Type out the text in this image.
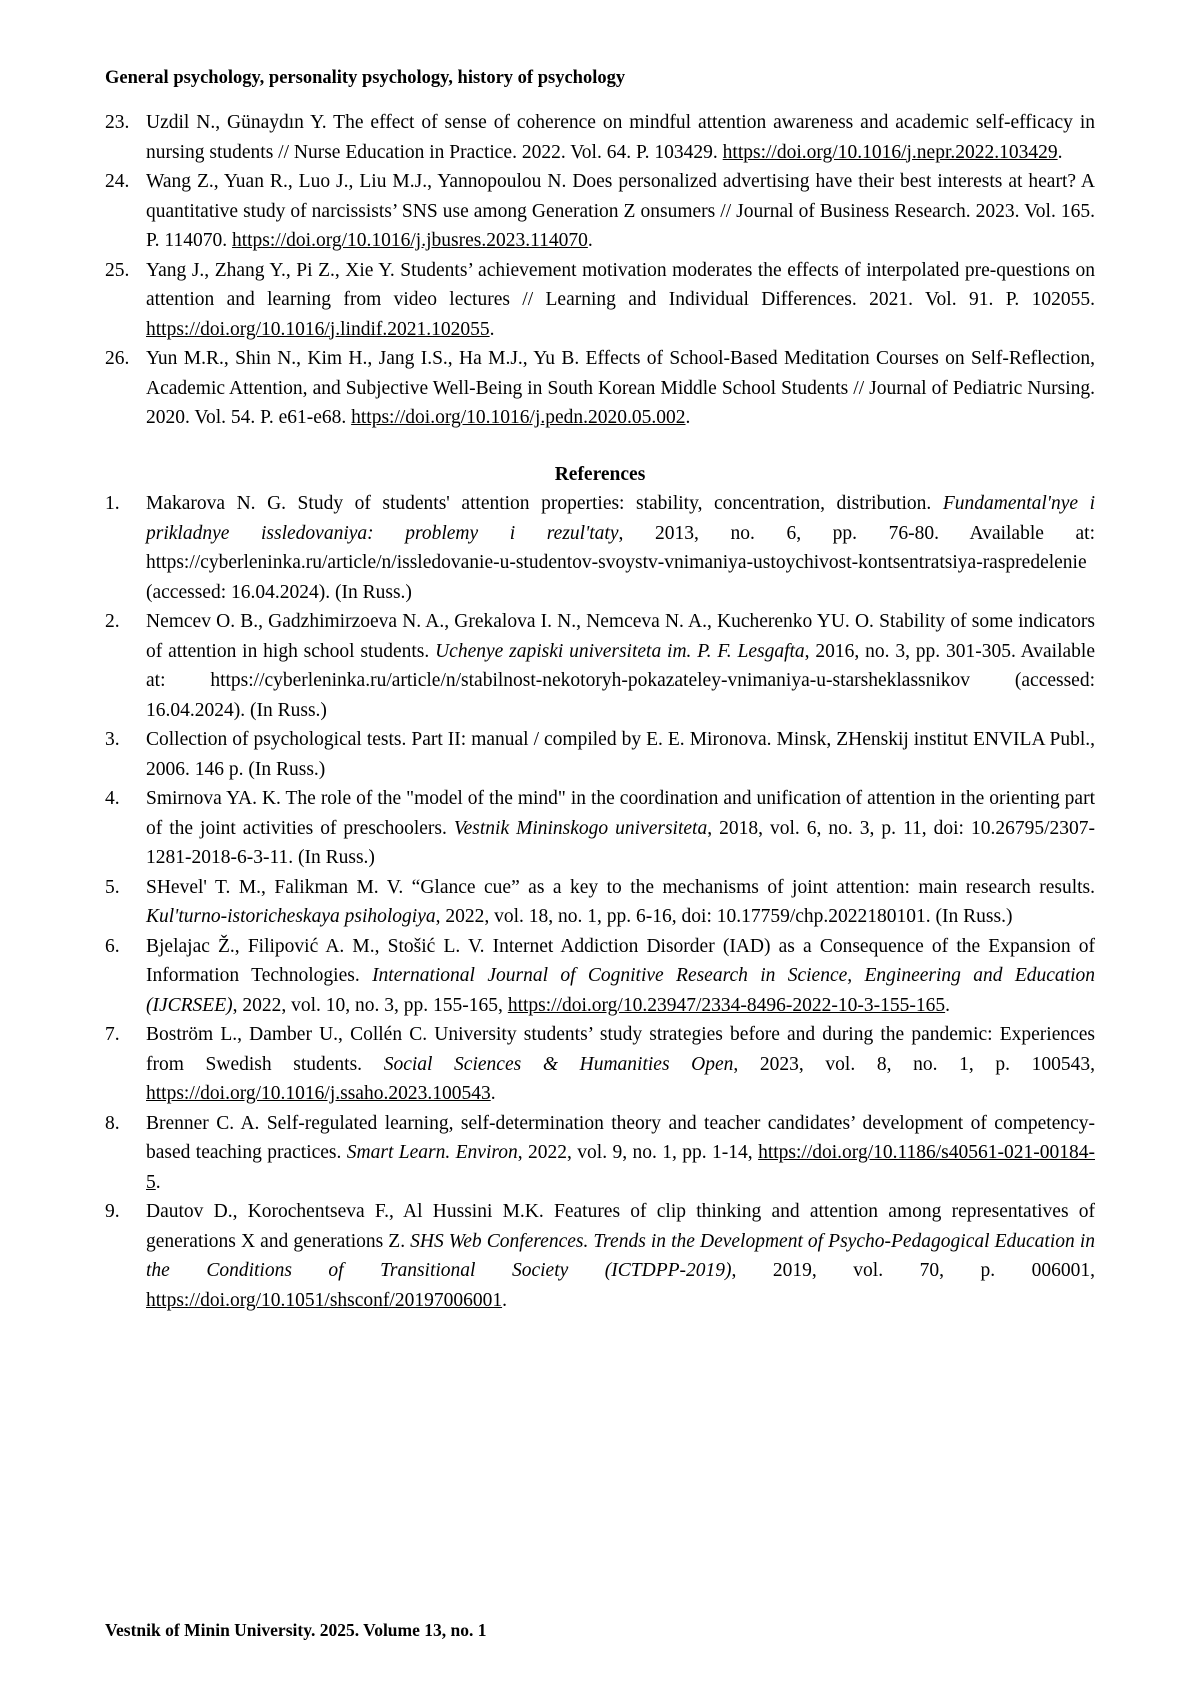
General psychology, personality psychology, history of psychology
23. Uzdil N., Günaydın Y. The effect of sense of coherence on mindful attention awareness and academic self-efficacy in nursing students // Nurse Education in Practice. 2022. Vol. 64. P. 103429. https://doi.org/10.1016/j.nepr.2022.103429.
24. Wang Z., Yuan R., Luo J., Liu M.J., Yannopoulou N. Does personalized advertising have their best interests at heart? A quantitative study of narcissists’ SNS use among Generation Z onsumers // Journal of Business Research. 2023. Vol. 165. P. 114070. https://doi.org/10.1016/j.jbusres.2023.114070.
25. Yang J., Zhang Y., Pi Z., Xie Y. Students’ achievement motivation moderates the effects of interpolated pre-questions on attention and learning from video lectures // Learning and Individual Differences. 2021. Vol. 91. P. 102055. https://doi.org/10.1016/j.lindif.2021.102055.
26. Yun M.R., Shin N., Kim H., Jang I.S., Ha M.J., Yu B. Effects of School-Based Meditation Courses on Self-Reflection, Academic Attention, and Subjective Well-Being in South Korean Middle School Students // Journal of Pediatric Nursing. 2020. Vol. 54. P. e61-e68. https://doi.org/10.1016/j.pedn.2020.05.002.
References
1.	Makarova N. G. Study of students' attention properties: stability, concentration, distribution. Fundamental'nye i prikladnye issledovaniya: problemy i rezul'taty, 2013, no. 6, pp. 76-80. Available at: https://cyberleninka.ru/article/n/issledovanie-u-studentov-svoystv-vnimaniya-ustoychivost-kontsentratsiya-raspredelenie (accessed: 16.04.2024). (In Russ.)
2.	Nemcev O. B., Gadzhimirzoeva N. A., Grekalova I. N., Nemceva N. A., Kucherenko YU. O. Stability of some indicators of attention in high school students. Uchenye zapiski universiteta im. P. F. Lesgafta, 2016, no. 3, pp. 301-305. Available at: https://cyberleninka.ru/article/n/stabilnost-nekotoryh-pokazateley-vnimaniya-u-starsheklassnikov (accessed: 16.04.2024). (In Russ.)
3.	Collection of psychological tests. Part II: manual / compiled by E. E. Mironova. Minsk, ZHenskij institut ENVILA Publ., 2006. 146 p. (In Russ.)
4.	Smirnova YA. K. The role of the "model of the mind" in the coordination and unification of attention in the orienting part of the joint activities of preschoolers. Vestnik Mininskogo universiteta, 2018, vol. 6, no. 3, p. 11, doi: 10.26795/2307-1281-2018-6-3-11. (In Russ.)
5.	SHevel' T. M., Falikman M. V. “Glance cue” as a key to the mechanisms of joint attention: main research results. Kul'turno-istoricheskaya psihologiya, 2022, vol. 18, no. 1, pp. 6-16, doi: 10.17759/chp.2022180101. (In Russ.)
6.	Bjelajac Ž., Filipović A. M., Stošić L. V. Internet Addiction Disorder (IAD) as a Consequence of the Expansion of Information Technologies. International Journal of Cognitive Research in Science, Engineering and Education (IJCRSEE), 2022, vol. 10, no. 3, pp. 155-165, https://doi.org/10.23947/2334-8496-2022-10-3-155-165.
7.	Boström L., Damber U., Collén C. University students’ study strategies before and during the pandemic: Experiences from Swedish students. Social Sciences & Humanities Open, 2023, vol. 8, no. 1, p. 100543, https://doi.org/10.1016/j.ssaho.2023.100543.
8.	Brenner C. A. Self-regulated learning, self-determination theory and teacher candidates’ development of competency-based teaching practices. Smart Learn. Environ, 2022, vol. 9, no. 1, pp. 1-14, https://doi.org/10.1186/s40561-021-00184-5.
9.	Dautov D., Korochentseva F., Al Hussini M.K. Features of clip thinking and attention among representatives of generations X and generations Z. SHS Web Conferences. Trends in the Development of Psycho-Pedagogical Education in the Conditions of Transitional Society (ICTDPP-2019), 2019, vol. 70, p. 006001, https://doi.org/10.1051/shsconf/20197006001.
Vestnik of Minin University. 2025. Volume 13, no. 1
